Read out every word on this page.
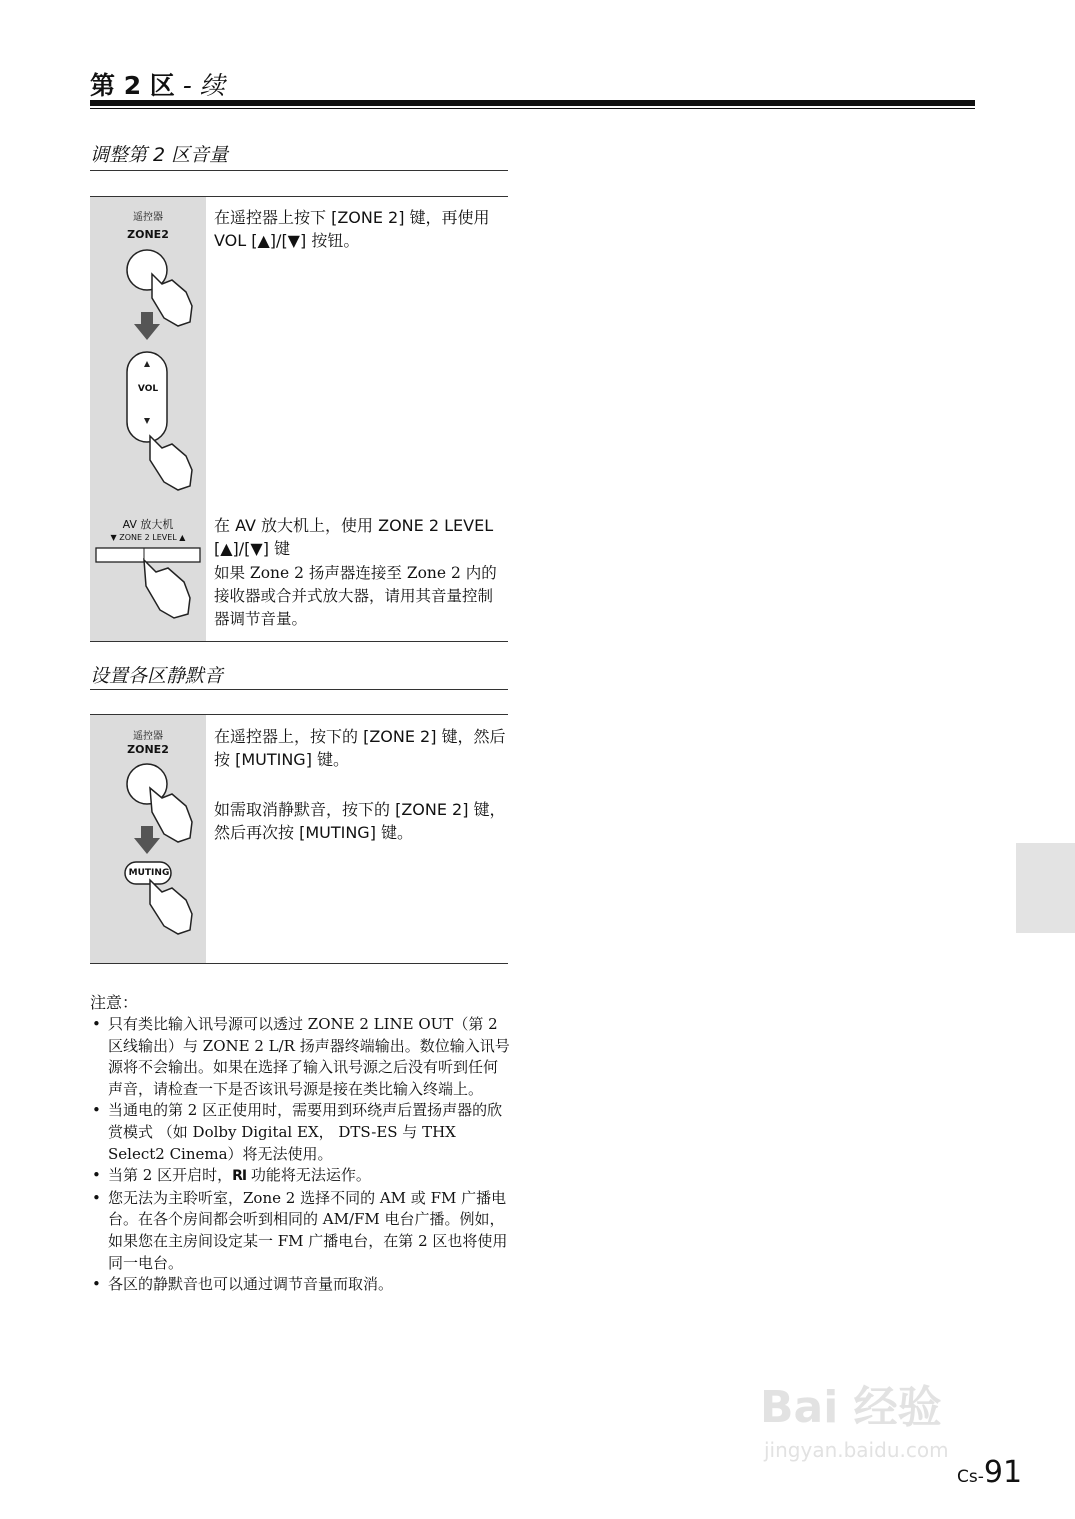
第 2 区 - 续
调整第 2 区音量
遥控器
ZONE2
VOL
在遥控器上按下 [ZONE 2] 键，再使用 VOL [▲]/[▼] 按钮。
AV 放大机
▼ ZONE 2 LEVEL ▲
在 AV 放大机上，使用 ZONE 2 LEVEL [▲]/[▼] 键
如果 Zone 2 扬声器连接至 Zone 2 内的接收器或合并式放大器，请用其音量控制器调节音量。
设置各区静默音
遥控器
ZONE2
MUTING
在遥控器上，按下的 [ZONE 2] 键，然后按 [MUTING] 键。
如需取消静默音，按下的 [ZONE 2] 键，然后再次按 [MUTING] 键。
注意：
• 只有类比输入讯号源可以透过 ZONE 2 LINE OUT（第 2 区线输出）与 ZONE 2 L/R 扬声器终端输出。数位输入讯号源将不会输出。如果在选择了输入讯号源之后没有听到任何声音，请检查一下是否该讯号源是接在类比输入终端上。
• 当通电的第 2 区正使用时，需要用到环绕声后置扬声器的欣赏模式 （如 Dolby Digital EX， DTS-ES 与 THX Select2 Cinema）将无法使用。
• 当第 2 区开启时，RI 功能将无法运作。
• 您无法为主聆听室，Zone 2 选择不同的 AM 或 FM 广播电台。在各个房间都会听到相同的 AM/FM 电台广播。例如，如果您在主房间设定某一 FM 广播电台，在第 2 区也将使用同一电台。
• 各区的静默音也可以通过调节音量而取消。
Bai 经验
jingyan.baidu.com
Cs-91
